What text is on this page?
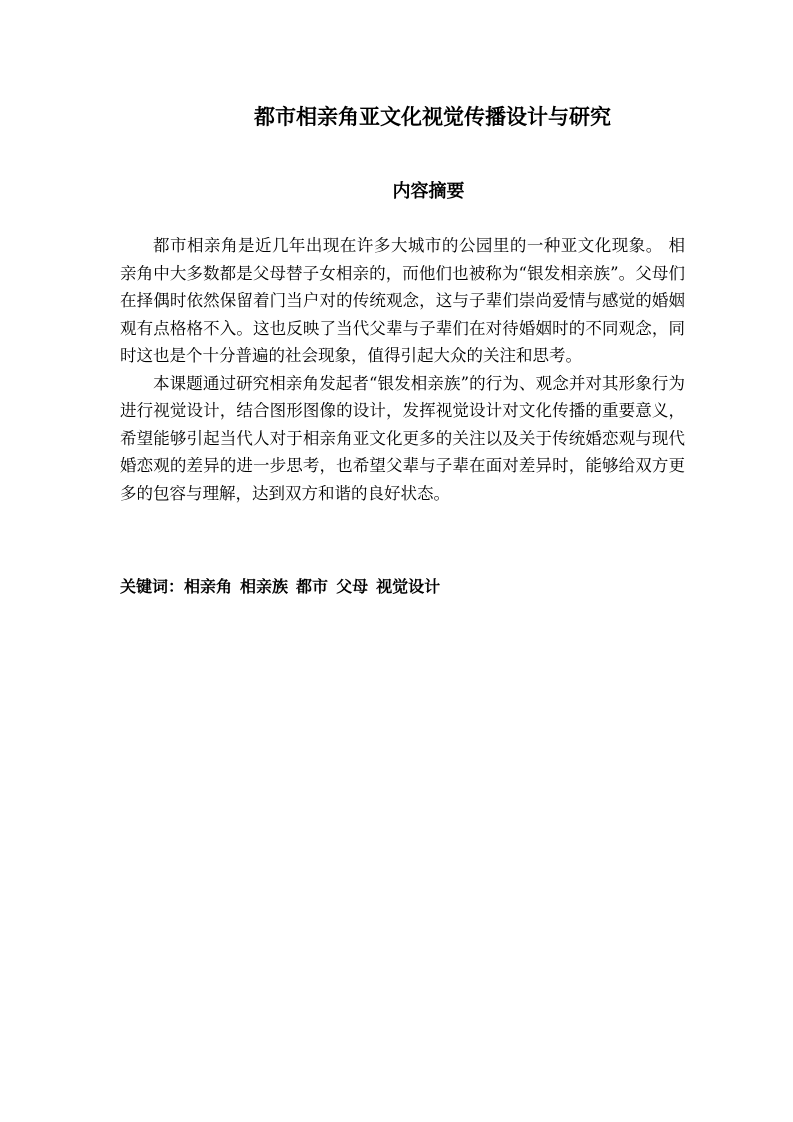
都市相亲角亚文化视觉传播设计与研究
内容摘要

都市相亲角是近几年出现在许多大城市的公园里的一种亚文化现象。 相亲角中大多数都是父母替子女相亲的，而他们也被称为“银发相亲族”。父母们在择偶时依然保留着门当户对的传统观念，这与子辈们崇尚爱情与感觉的婚姻观有点格格不入。这也反映了当代父辈与子辈们在对待婚姻时的不同观念，同时这也是个十分普遍的社会现象，值得引起大众的关注和思考。

本课题通过研究相亲角发起者“银发相亲族”的行为、观念并对其形象行为进行视觉设计，结合图形图像的设计，发挥视觉设计对文化传播的重要意义，希望能够引起当代人对于相亲角亚文化更多的关注以及关于传统婚恋观与现代婚恋观的差异的进一步思考，也希望父辈与子辈在面对差异时，能够给双方更多的包容与理解，达到双方和谐的良好状态。

关键词：相亲角 相亲族 都市 父母 视觉设计
